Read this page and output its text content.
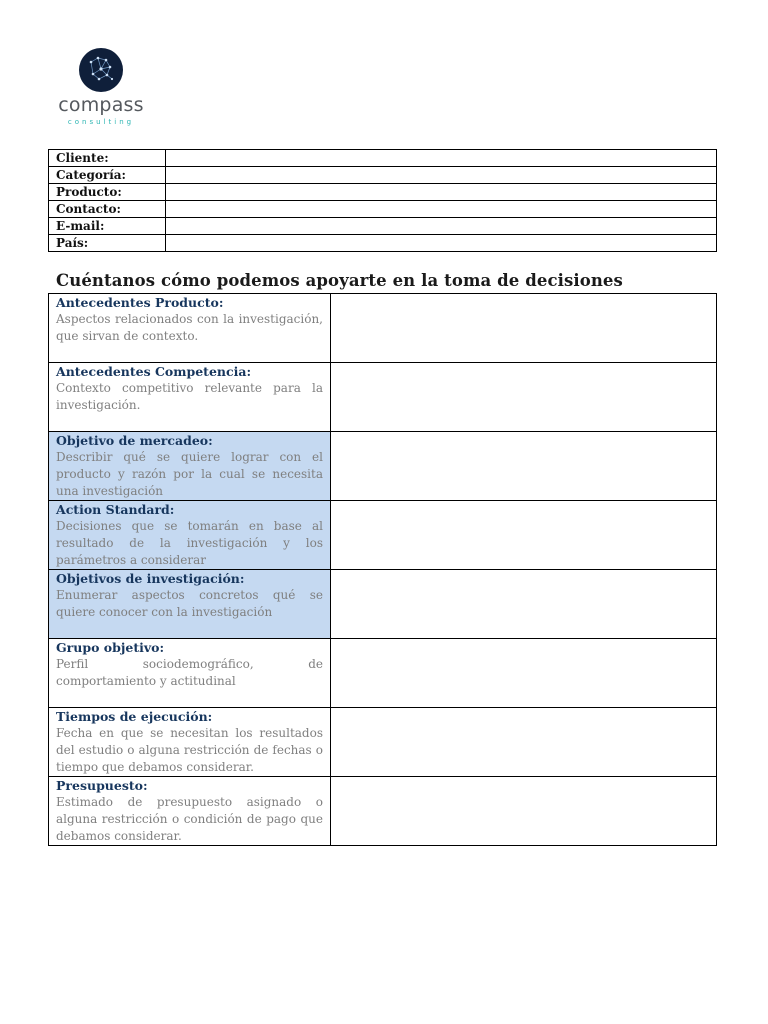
compass
consulting
Cliente:	
Categoría:	
Producto:	
Contacto:	
E-mail:	
País:	
Cuéntanos cómo podemos apoyarte en la toma de decisiones
Antecedentes Producto:
Aspectos relacionados con la investigación, que sirvan de contexto.	

Antecedentes Competencia:
Contexto competitivo relevante para la investigación.	

Objetivo de mercadeo:
Describir qué se quiere lograr con el producto y razón por la cual se necesita una investigación	

Action Standard:
Decisiones que se tomarán en base al resultado de la investigación y los parámetros a considerar	

Objetivos de investigación:
Enumerar aspectos concretos qué se quiere conocer con la investigación	

Grupo objetivo:
Perfil sociodemográfico, de comportamiento y actitudinal	

Tiempos de ejecución:
Fecha en que se necesitan los resultados del estudio o alguna restricción de fechas o tiempo que debamos considerar.	

Presupuesto:
Estimado de presupuesto asignado o alguna restricción o condición de pago que debamos considerar.	
